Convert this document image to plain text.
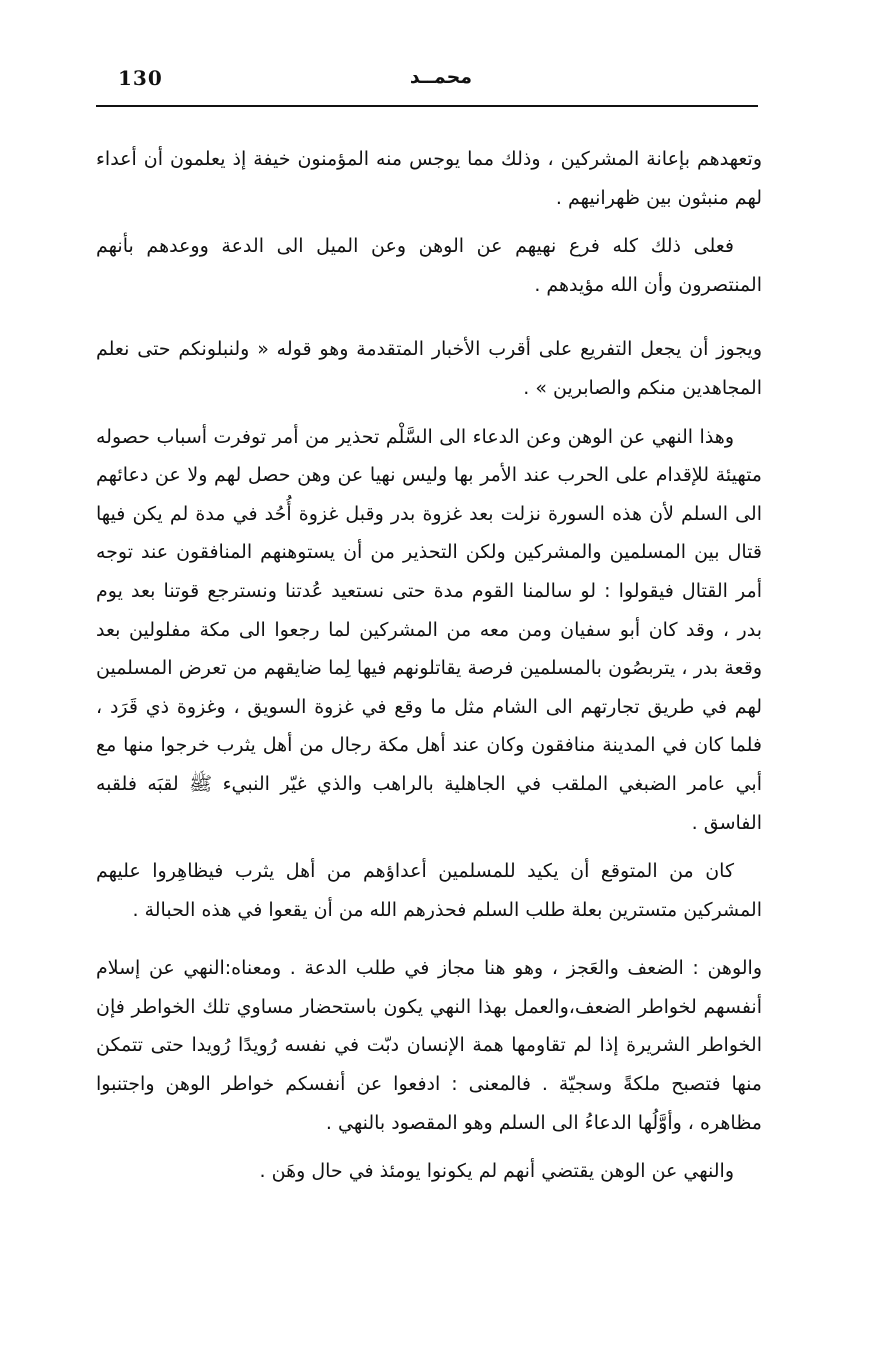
130	محمــد

وتعهدهم بإعانة المشركين ، وذلك مما يوجس منه المؤمنون خيفة إذ يعلمون أن أعداء لهم منبثون بين ظهرانيهم .

فعلى ذلك كله فرع نهيهم عن الوهن وعن الميل الى الدعة ووعدهم بأنهم المنتصرون وأن الله مؤيدهم .

ويجوز أن يجعل التفريع على أقرب الأخبار المتقدمة وهو قوله « ولنبلونكم حتى نعلم المجاهدين منكم والصابرين » .

وهذا النهي عن الوهن وعن الدعاء الى السَّلْم تحذير من أمر توفرت أسباب حصوله متهيئة للإقدام على الحرب عند الأمر بها وليس نهيا عن وهن حصل لهم ولا عن دعائهم الى السلم لأن هذه السورة نزلت بعد غزوة بدر وقبل غزوة أُحُد في مدة لم يكن فيها قتال بين المسلمين والمشركين ولكن التحذير من أن يستوهنهم المنافقون عند توجه أمر القتال فيقولوا : لو سالمنا القوم مدة حتى نستعيد عُدتنا ونسترجع قوتنا بعد يوم بدر ، وقد كان أبو سفيان ومن معه من المشركين لما رجعوا الى مكة مفلولين بعد وقعة بدر ، يتربصُون بالمسلمين فرصة يقاتلونهم فيها لِما ضايقهم من تعرض المسلمين لهم في طريق تجارتهم الى الشام مثل ما وقع في غزوة السويق ، وغزوة ذي قَرَد ، فلما كان في المدينة منافقون وكان عند أهل مكة رجال من أهل يثرب خرجوا منها مع أبي عامر الضبغي الملقب في الجاهلية بالراهب والذي غيّر النبيء ﷺ لقبَه فلقبه الفاسق .

كان من المتوقع أن يكيد للمسلمين أعداؤهم من أهل يثرب فيظاهِروا عليهم المشركين متسترين بعلة طلب السلم فحذرهم الله من أن يقعوا في هذه الحبالة .

والوهن : الضعف والعَجز ، وهو هنا مجاز في طلب الدعة . ومعناه:النهي عن إسلام أنفسهم لخواطر الضعف،والعمل بهذا النهي يكون باستحضار مساوي تلك الخواطر فإن الخواطر الشريرة إذا لم تقاومها همة الإنسان دبّت في نفسه رُويدًا رُويدا حتى تتمكن منها فتصبح ملكةً وسجيّة . فالمعنى : ادفعوا عن أنفسكم خواطر الوهن واجتنبوا مظاهره ، وأوَّلُها الدعاءُ الى السلم وهو المقصود بالنهي .

والنهي عن الوهن يقتضي أنهم لم يكونوا يومئذ في حال وهَن .
